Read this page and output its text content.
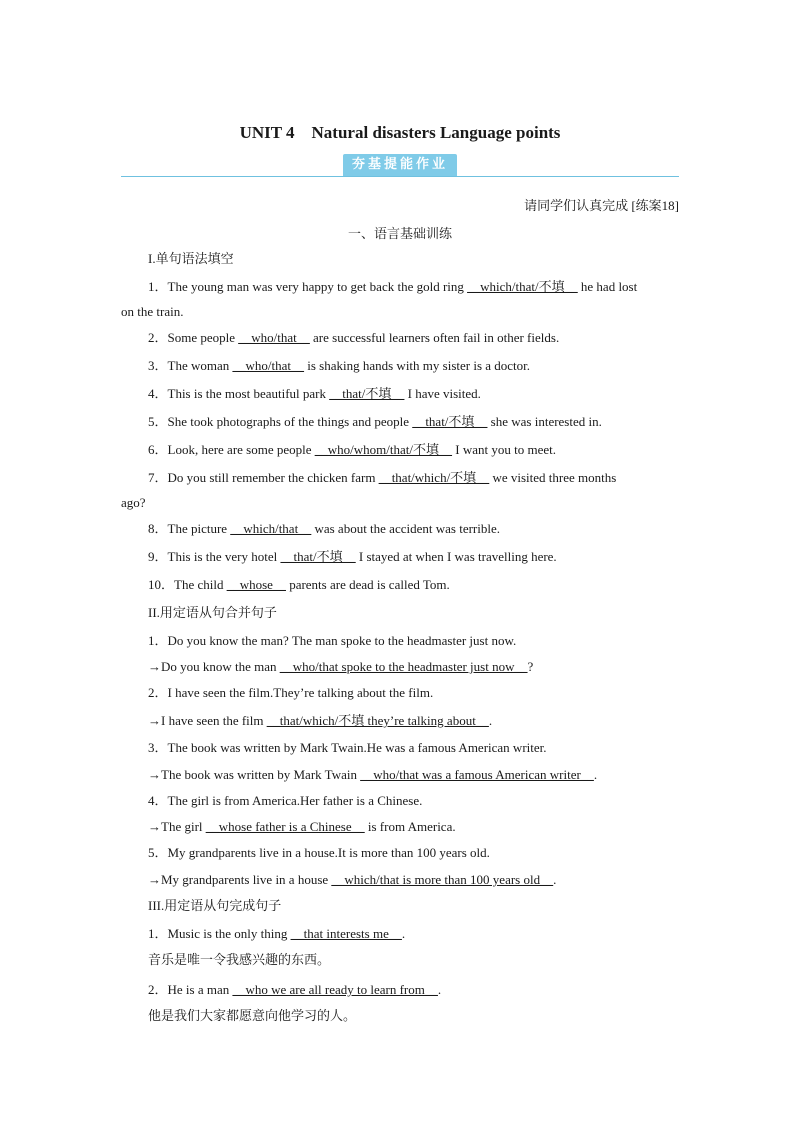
UNIT 4　Natural disasters Language points
夯基提能作业
请同学们认真完成 [练案18]
一、语言基础训练
I.单句语法填空
1．The young man was very happy to get back the gold ring __which/that/不填__ he had lost
on the train.
2．Some people __who/that__ are successful learners often fail in other fields.
3．The woman __who/that__ is shaking hands with my sister is a doctor.
4．This is the most beautiful park __that/不填__ I have visited.
5．She took photographs of the things and people __that/不填__ she was interested in.
6．Look, here are some people __who/whom/that/不填__ I want you to meet.
7．Do you still remember the chicken farm __that/which/不填__ we visited three months
ago?
8．The picture __which/that__ was about the accident was terrible.
9．This is the very hotel __that/不填__ I stayed at when I was travelling here.
10．The child __whose__ parents are dead is called Tom.
II.用定语从句合并句子
1．Do you know the man? The man spoke to the headmaster just now.
→Do you know the man __who/that spoke to the headmaster just now__?
2．I have seen the film.They’re talking about the film.
→I have seen the film __that/which/不填 they’re talking about__.
3．The book was written by Mark Twain.He was a famous American writer.
→The book was written by Mark Twain __who/that was a famous American writer__.
4．The girl is from America.Her father is a Chinese.
→The girl __whose father is a Chinese__ is from America.
5．My grandparents live in a house.It is more than 100 years old.
→My grandparents live in a house __which/that is more than 100 years old__.
III.用定语从句完成句子
1．Music is the only thing __that interests me__.
音乐是唯一令我感兴趣的东西。
2．He is a man __who we are all ready to learn from__.
他是我们大家都愿意向他学习的人。
